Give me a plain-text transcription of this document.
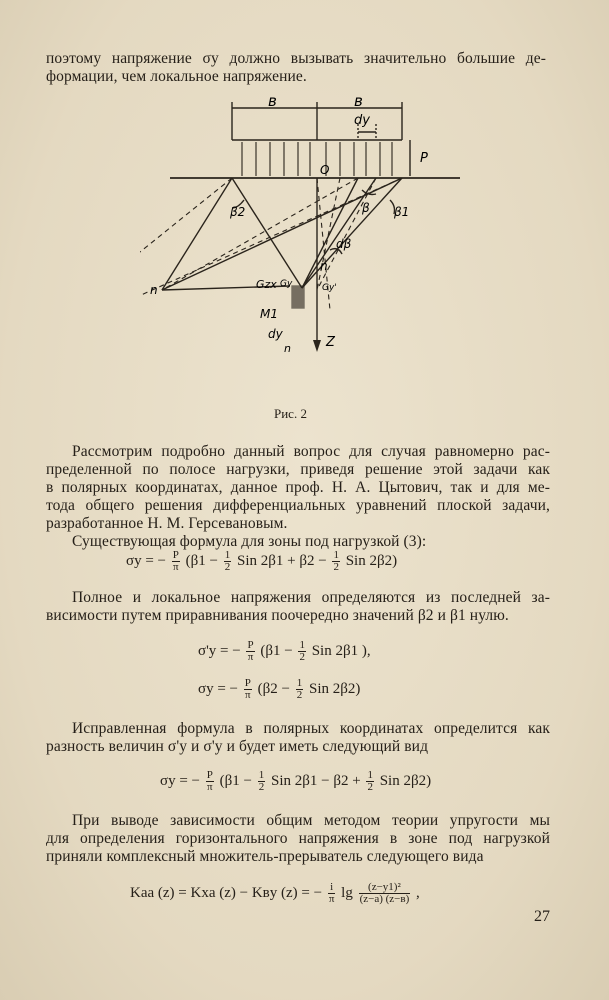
поэтому напряжение σу должно вызывать значительно большие де-
формации, чем локальное напряжение.
в	в
dy
P
O
β2	β β1
dβ
n
n	Gzx Gy	Gy'
M1
dy
Z
n
Рис. 2
Рассмотрим подробно данный вопрос для случая равномерно рас-
пределенной по полосе нагрузки, приведя решение этой задачи как
в полярных координатах, данное проф. Н. А. Цытович, так и для ме-
тода общего решения дифференциальных уравнений плоской задачи,
разработанное Н. М. Герсевановым.
Существующая формула для зоны под нагрузкой (3):
σy = − $\frac{P}{\pi} (\beta 1 - \frac{1}{2}$ Sin $2\beta 1 + \beta 2 - \frac{1}{2}$ Sin 2β2)
Полное и локальное напряжения определяются из последней за-
висимости путем приравнивания поочередно значений β2 и β1 нулю.
σ'y = − $\frac{P}{\pi} (\beta 1 - \frac{1}{2}$ Sin 2β1 ),
σy = − $\frac{P}{\pi} (\beta 2 - \frac{1}{2}$ Sin 2β2)
Исправленная формула в полярных координатах определится как
разность величин σ'y и σ'y и будет иметь следующий вид
σy = − $\frac{P}{\pi} (\beta 1 - \frac{1}{2}$ Sin $2\beta 1 - \beta 2 + \frac{1}{2}$ Sin 2β2)
При выводе зависимости общим методом теории упругости мы
для определения горизонтального напряжения в зоне под нагрузкой
приняли комплексный множитель-прерыватель следующего вида
Kaa (z) = Kxa (z) − Kвy (z) = − $\frac{i}{\pi}$ $\lg \frac{\text{(z−y1)²}}{(z-a) (z-в)}$ ,
27
